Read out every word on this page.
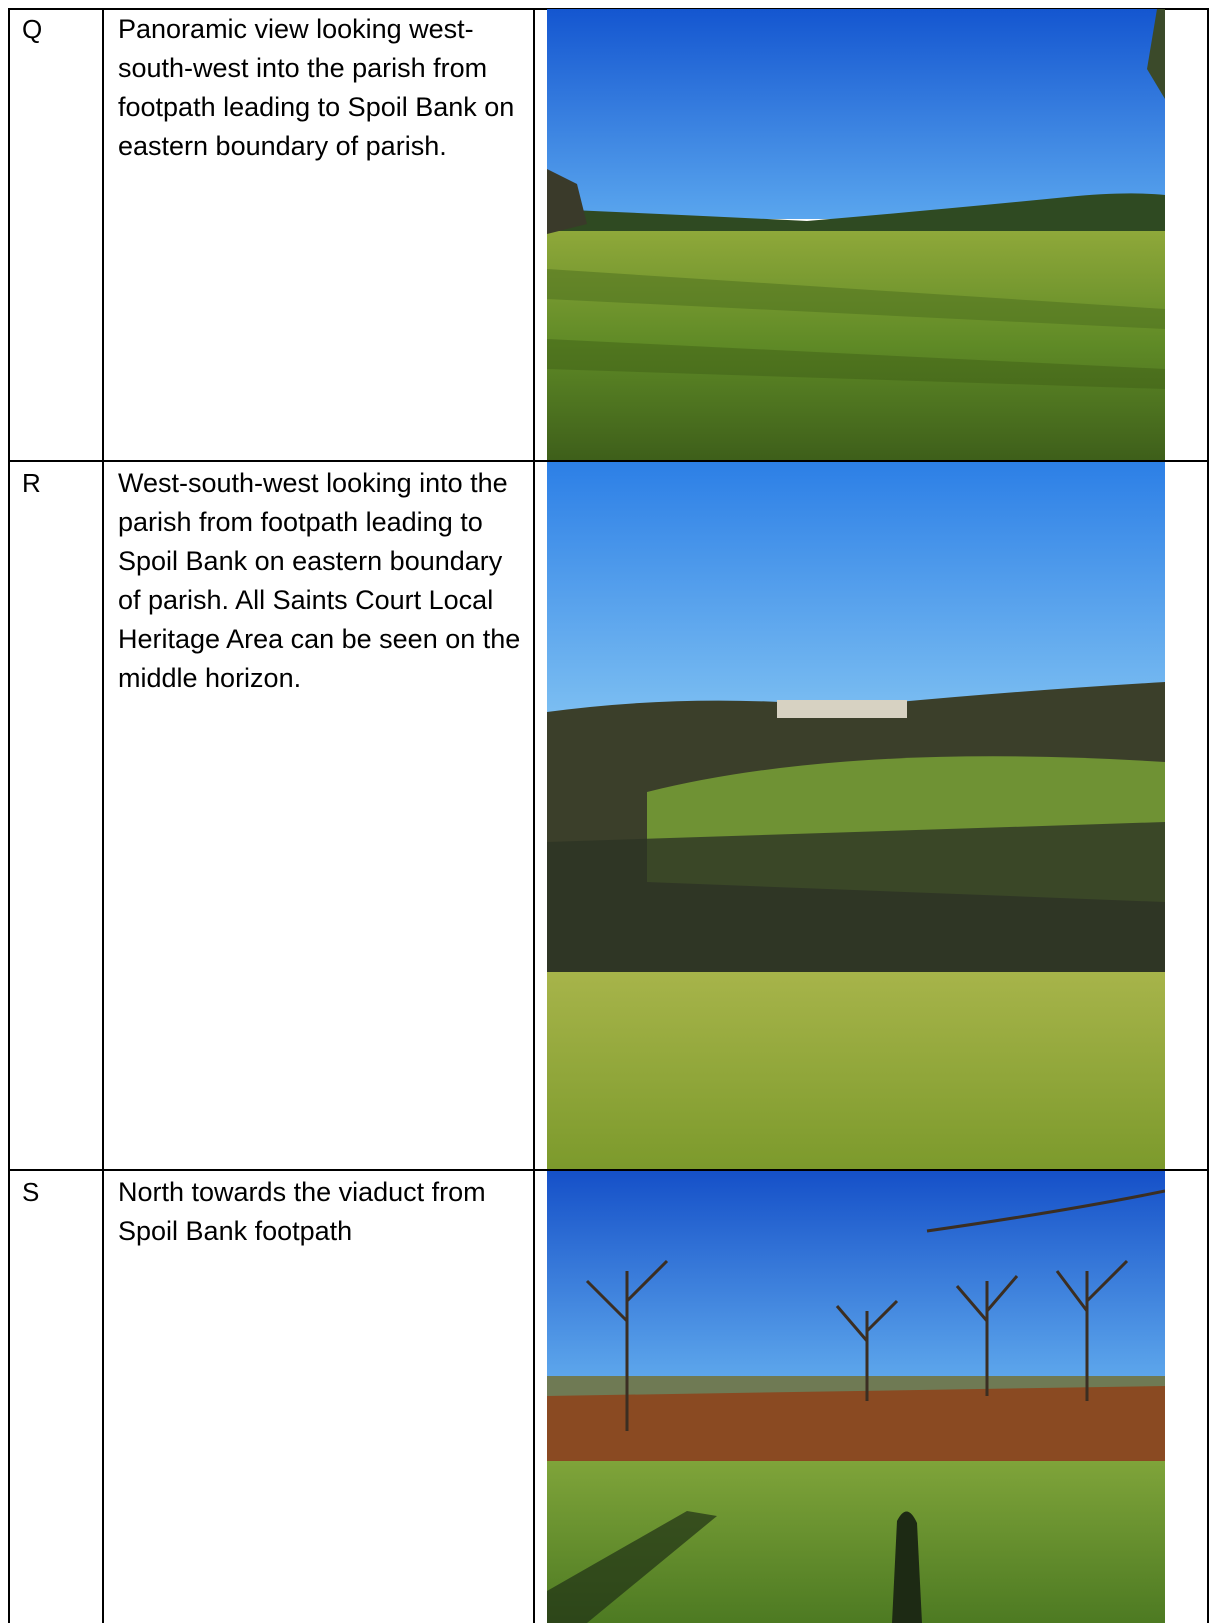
Q	Panoramic view looking west-south-west into the parish from footpath leading to Spoil Bank on eastern boundary of parish.
R	West-south-west looking into the parish from footpath leading to Spoil Bank on eastern boundary of parish. All Saints Court Local Heritage Area can be seen on the middle horizon.
S	North towards the viaduct from Spoil Bank footpath
